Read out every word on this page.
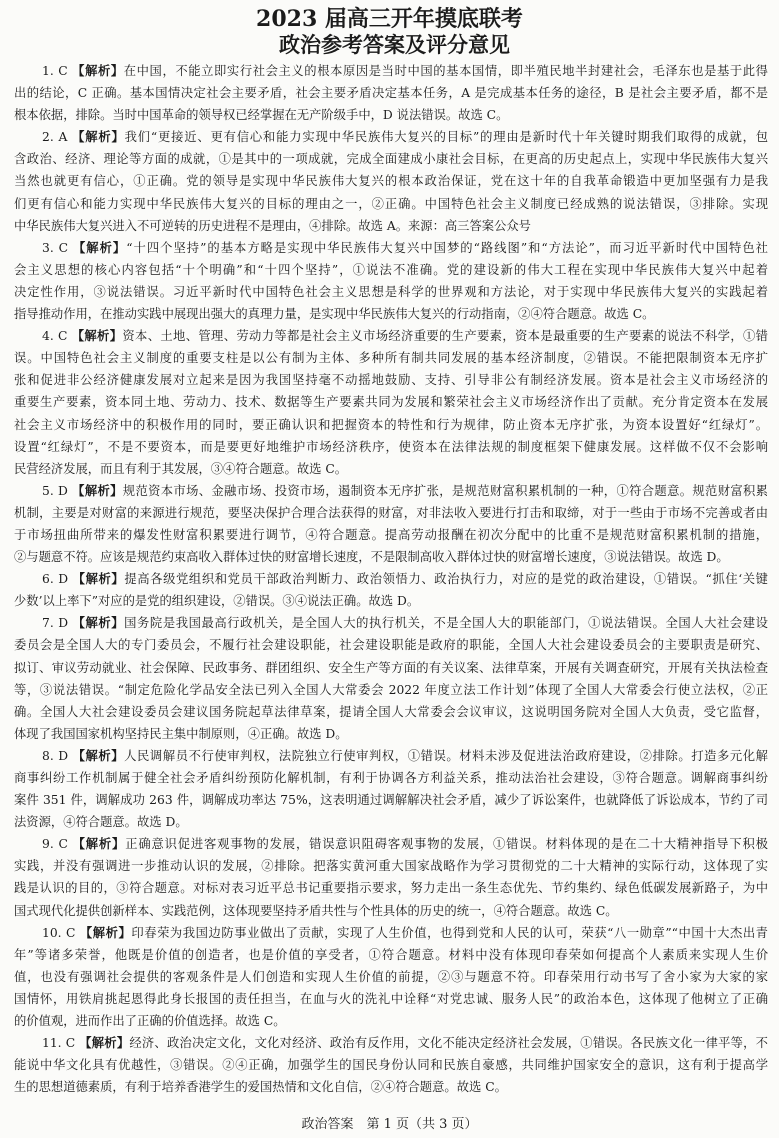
2023 届高三开年摸底联考
政治参考答案及评分意见
1. C 【解析】在中国，不能立即实行社会主义的根本原因是当时中国的基本国情，即半殖民地半封建社会，毛泽东也是基于此得
出的结论，C 正确。基本国情决定社会主要矛盾，社会主要矛盾决定基本任务，A 是完成基本任务的途径，B 是社会主要矛盾，都不是
根本依据，排除。当时中国革命的领导权已经掌握在无产阶级手中，D 说法错误。故选 C。
2. A 【解析】我们“更接近、更有信心和能力实现中华民族伟大复兴的目标”的理由是新时代十年关键时期我们取得的成就，包
含政治、经济、理论等方面的成就，①是其中的一项成就，完成全面建成小康社会目标，在更高的历史起点上，实现中华民族伟大复兴
当然也就更有信心，①正确。党的领导是实现中华民族伟大复兴的根本政治保证，党在这十年的自我革命锻造中更加坚强有力是我
们更有信心和能力实现中华民族伟大复兴的目标的理由之一，②正确。中国特色社会主义制度已经成熟的说法错误，③排除。实现
中华民族伟大复兴进入不可逆转的历史进程不是理由，④排除。故选 A。来源：高三答案公众号
3. C 【解析】“十四个坚持”的基本方略是实现中华民族伟大复兴中国梦的“路线图”和“方法论”，而习近平新时代中国特色社
会主义思想的核心内容包括“十个明确”和“十四个坚持”，①说法不准确。党的建设新的伟大工程在实现中华民族伟大复兴中起着
决定性作用，③说法错误。习近平新时代中国特色社会主义思想是科学的世界观和方法论，对于实现中华民族伟大复兴的实践起着
指导推动作用，在推动实践中展现出强大的真理力量，是实现中华民族伟大复兴的行动指南，②④符合题意。故选 C。
4. C 【解析】资本、土地、管理、劳动力等都是社会主义市场经济重要的生产要素，资本是最重要的生产要素的说法不科学，①错
误。中国特色社会主义制度的重要支柱是以公有制为主体、多种所有制共同发展的基本经济制度，②错误。不能把限制资本无序扩
张和促进非公经济健康发展对立起来是因为我国坚持毫不动摇地鼓励、支持、引导非公有制经济发展。资本是社会主义市场经济的
重要生产要素，资本同土地、劳动力、技术、数据等生产要素共同为发展和繁荣社会主义市场经济作出了贡献。充分肯定资本在发展
社会主义市场经济中的积极作用的同时，要正确认识和把握资本的特性和行为规律，防止资本无序扩张，为资本设置好“红绿灯”。
设置“红绿灯”，不是不要资本，而是要更好地维护市场经济秩序，使资本在法律法规的制度框架下健康发展。这样做不仅不会影响
民营经济发展，而且有利于其发展，③④符合题意。故选 C。
5. D 【解析】规范资本市场、金融市场、投资市场，遏制资本无序扩张，是规范财富积累机制的一种，①符合题意。规范财富积累
机制，主要是对财富的来源进行规范，要坚决保护合理合法获得的财富，对非法收入要进行打击和取缔，对于一些由于市场不完善或者由
于市场扭曲所带来的爆发性财富积累要进行调节，④符合题意。提高劳动报酬在初次分配中的比重不是规范财富积累机制的措施，
②与题意不符。应该是规范约束高收入群体过快的财富增长速度，不是限制高收入群体过快的财富增长速度，③说法错误。故选 D。
6. D 【解析】提高各级党组织和党员干部政治判断力、政治领悟力、政治执行力，对应的是党的政治建设，①错误。“抓住‘关键
少数’以上率下”对应的是党的组织建设，②错误。③④说法正确。故选 D。
7. D 【解析】国务院是我国最高行政机关，是全国人大的执行机关，不是全国人大的职能部门，①说法错误。全国人大社会建设
委员会是全国人大的专门委员会，不履行社会建设职能，社会建设职能是政府的职能，全国人大社会建设委员会的主要职责是研究、
拟订、审议劳动就业、社会保障、民政事务、群团组织、安全生产等方面的有关议案、法律草案，开展有关调查研究，开展有关执法检查
等，③说法错误。“制定危险化学品安全法已列入全国人大常委会 2022 年度立法工作计划”体现了全国人大常委会行使立法权，②正
确。全国人大社会建设委员会建议国务院起草法律草案，提请全国人大常委会会议审议，这说明国务院对全国人大负责，受它监督，
体现了我国国家机构坚持民主集中制原则，④正确。故选 D。
8. D 【解析】人民调解员不行使审判权，法院独立行使审判权，①错误。材料未涉及促进法治政府建设，②排除。打造多元化解
商事纠纷工作机制属于健全社会矛盾纠纷预防化解机制，有利于协调各方利益关系，推动法治社会建设，③符合题意。调解商事纠纷
案件 351 件，调解成功 263 件，调解成功率达 75%，这表明通过调解解决社会矛盾，减少了诉讼案件，也就降低了诉讼成本，节约了司
法资源，④符合题意。故选 D。
9. C 【解析】正确意识促进客观事物的发展，错误意识阻碍客观事物的发展，①错误。材料体现的是在二十大精神指导下积极
实践，并没有强调进一步推动认识的发展，②排除。把落实黄河重大国家战略作为学习贯彻党的二十大精神的实际行动，这体现了实
践是认识的目的，③符合题意。对标对表习近平总书记重要指示要求，努力走出一条生态优先、节约集约、绿色低碳发展新路子，为中
国式现代化提供创新样本、实践范例，这体现要坚持矛盾共性与个性具体的历史的统一，④符合题意。故选 C。
10. C 【解析】印春荣为我国边防事业做出了贡献，实现了人生价值，也得到党和人民的认可，荣获“八一勋章”“中国十大杰出青
年”等诸多荣誉，他既是价值的创造者，也是价值的享受者，①符合题意。材料中没有体现印春荣如何提高个人素质来实现人生价
值，也没有强调社会提供的客观条件是人们创造和实现人生价值的前提，②③与题意不符。印春荣用行动书写了舍小家为大家的家
国情怀，用铁肩挑起恩得此身长报国的责任担当，在血与火的洗礼中诠释“对党忠诚、服务人民”的政治本色，这体现了他树立了正确
的价值观，进而作出了正确的价值选择。故选 C。
11. C 【解析】经济、政治决定文化，文化对经济、政治有反作用，文化不能决定经济社会发展，①错误。各民族文化一律平等，不
能说中华文化具有优越性，③错误。②④正确，加强学生的国民身份认同和民族自豪感，共同维护国家安全的意识，这有利于提高学
生的思想道德素质，有利于培养香港学生的爱国热情和文化自信，②④符合题意。故选 C。
政治答案　第 1 页（共 3 页）
